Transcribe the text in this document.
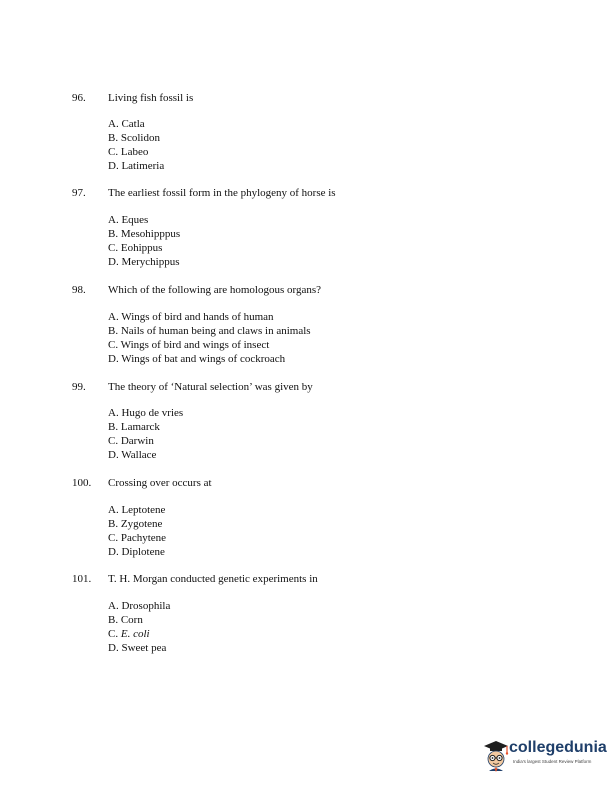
96. Living fish fossil is
A. Catla
B. Scolidon
C. Labeo
D. Latimeria
97. The earliest fossil form in the phylogeny of horse is
A. Eques
B. Mesohipppus
C. Eohippus
D. Merychippus
98. Which of the following are homologous organs?
A. Wings of bird and hands of human
B. Nails of human being and claws in animals
C. Wings of bird and wings of insect
D. Wings of bat and wings of cockroach
99. The theory of ‘Natural selection’ was given by
A. Hugo de vries
B. Lamarck
C. Darwin
D. Wallace
100. Crossing over occurs at
A. Leptotene
B. Zygotene
C. Pachytene
D. Diplotene
101. T. H. Morgan conducted genetic experiments in
A. Drosophila
B. Corn
C. E. coli
D. Sweet pea
collegedunia
India's largest Student Review Platform
